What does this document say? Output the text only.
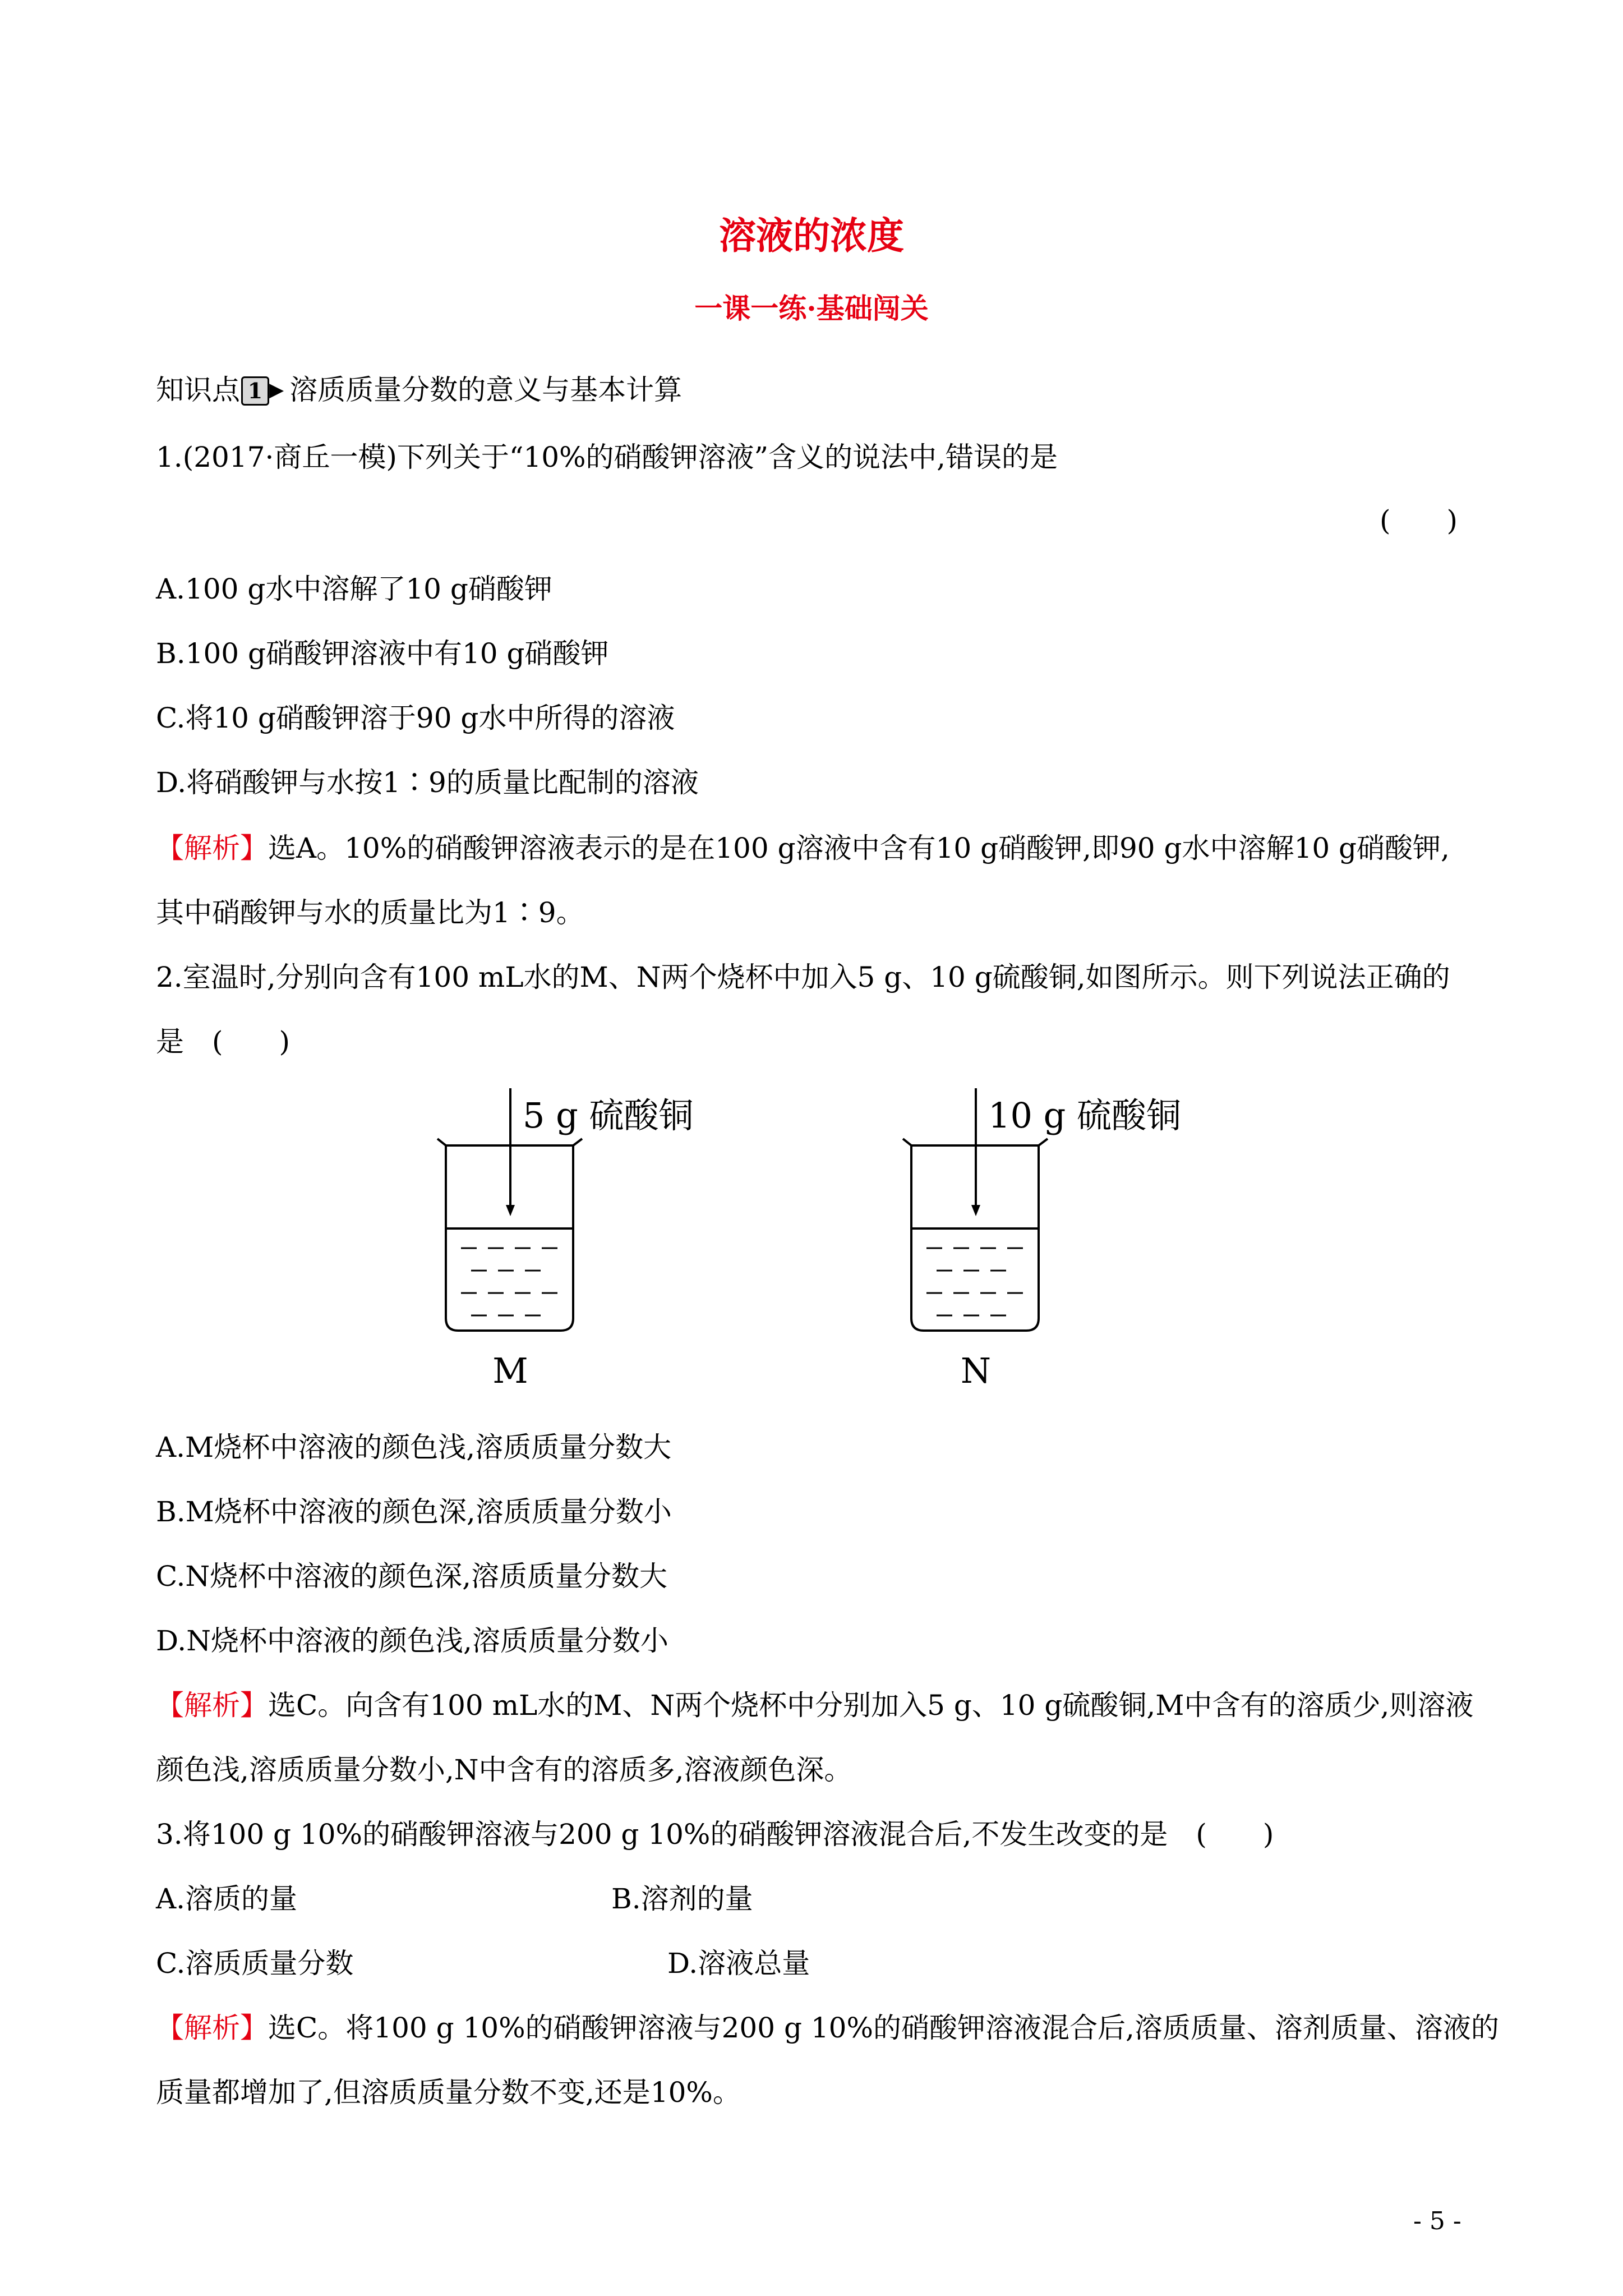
溶液的浓度
一课一练·基础闯关
知识点 1 ▶ 溶质质量分数的意义与基本计算
1.(2017·商丘一模)下列关于“10%的硝酸钾溶液”含义的说法中,错误的是
(　　)
A.100 g水中溶解了10 g硝酸钾
B.100 g硝酸钾溶液中有10 g硝酸钾
C.将10 g硝酸钾溶于90 g水中所得的溶液
D.将硝酸钾与水按1∶9的质量比配制的溶液
【解析】选A。10%的硝酸钾溶液表示的是在100 g溶液中含有10 g硝酸钾,即90 g水中溶解10 g硝酸钾,
其中硝酸钾与水的质量比为1∶9。
2.室温时,分别向含有100 mL水的M、N两个烧杯中加入5 g、10 g硫酸铜,如图所示。则下列说法正确的
是　(　　)
5 g 硫酸铜
M
10 g 硫酸铜
N
A.M烧杯中溶液的颜色浅,溶质质量分数大
B.M烧杯中溶液的颜色深,溶质质量分数小
C.N烧杯中溶液的颜色深,溶质质量分数大
D.N烧杯中溶液的颜色浅,溶质质量分数小
【解析】选C。向含有100 mL水的M、N两个烧杯中分别加入5 g、10 g硫酸铜,M中含有的溶质少,则溶液
颜色浅,溶质质量分数小,N中含有的溶质多,溶液颜色深。
3.将100 g 10%的硝酸钾溶液与200 g 10%的硝酸钾溶液混合后,不发生改变的是　(　　)
A.溶质的量	B.溶剂的量
C.溶质质量分数	D.溶液总量
【解析】选C。将100 g 10%的硝酸钾溶液与200 g 10%的硝酸钾溶液混合后,溶质质量、溶剂质量、溶液的
质量都增加了,但溶质质量分数不变,还是10%。
- 5 -
